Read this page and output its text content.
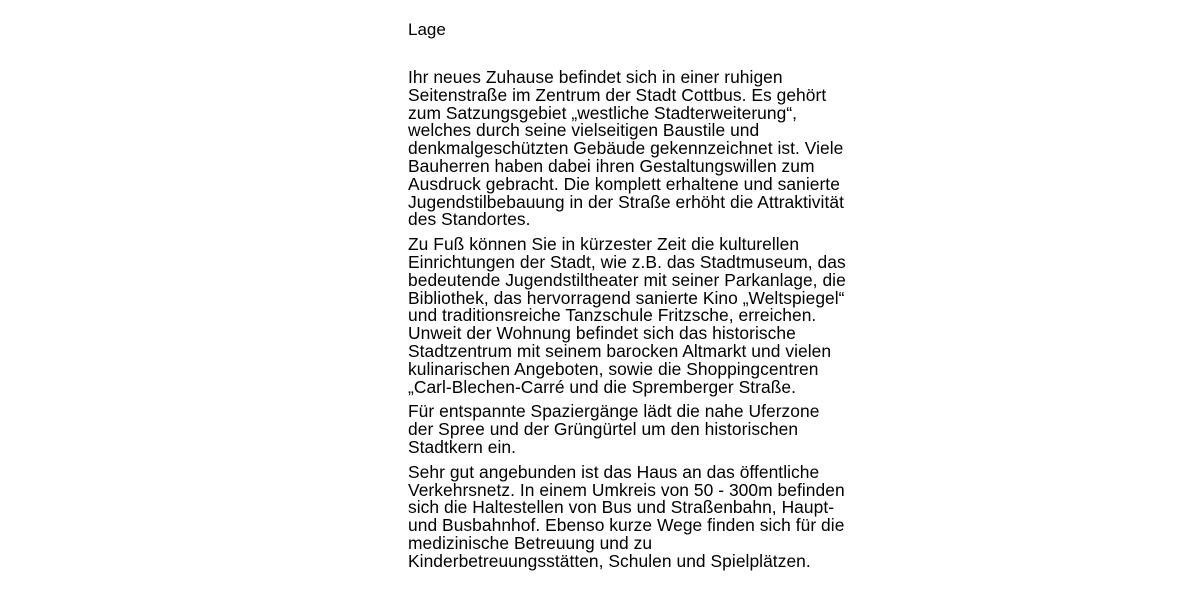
Lage
Ihr neues Zuhause befindet sich in einer ruhigen
Seitenstraße im Zentrum der Stadt Cottbus. Es gehört
zum Satzungsgebiet „westliche Stadterweiterung“,
welches durch seine vielseitigen Baustile und
denkmalgeschützten Gebäude gekennzeichnet ist. Viele
Bauherren haben dabei ihren Gestaltungswillen zum
Ausdruck gebracht. Die komplett erhaltene und sanierte
Jugendstilbebauung in der Straße erhöht die Attraktivität
des Standortes.
Zu Fuß können Sie in kürzester Zeit die kulturellen
Einrichtungen der Stadt, wie z.B. das Stadtmuseum, das
bedeutende Jugendstiltheater mit seiner Parkanlage, die
Bibliothek, das hervorragend sanierte Kino „Weltspiegel“
und traditionsreiche Tanzschule Fritzsche, erreichen.
Unweit der Wohnung befindet sich das historische
Stadtzentrum mit seinem barocken Altmarkt und vielen
kulinarischen Angeboten, sowie die Shoppingcentren
„Carl-Blechen-Carré und die Spremberger Straße.
Für entspannte Spaziergänge lädt die nahe Uferzone
der Spree und der Grüngürtel um den historischen
Stadtkern ein.
Sehr gut angebunden ist das Haus an das öffentliche
Verkehrsnetz. In einem Umkreis von 50 - 300m befinden
sich die Haltestellen von Bus und Straßenbahn, Haupt-
und Busbahnhof. Ebenso kurze Wege finden sich für die
medizinische Betreuung und zu
Kinderbetreuungsstätten, Schulen und Spielplätzen.
